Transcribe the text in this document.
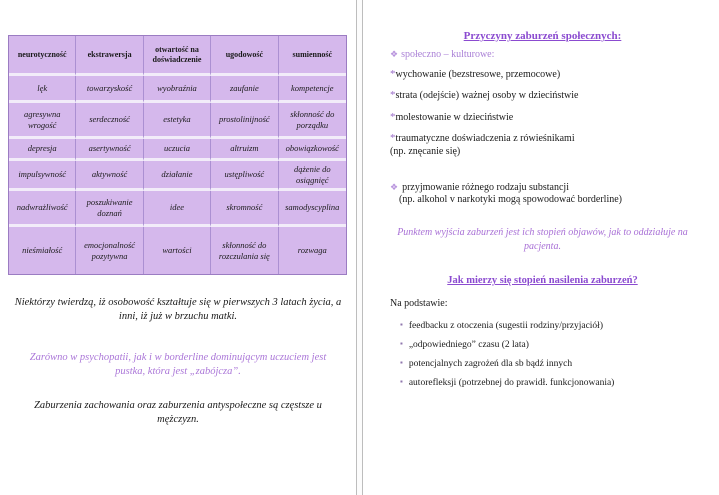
neurotyczność	ekstrawersja	otwartość na doświadczenie	ugodowość	sumienność
lęk	towarzyskość	wyobraźnia	zaufanie	kompetencje
agresywna wrogość	serdeczność	estetyka	prostolinijność	skłonność do porządku
depresja	asertywność	uczucia	altruizm	obowiązkowość
impulsywność	aktywność	działanie	ustępliwość	dążenie do osiągnięć
nadwrażliwość	poszukiwanie doznań	idee	skromność	samodyscyplina
nieśmiałość	emocjonalność pozytywna	wartości	skłonność do rozczulania się	rozwaga

Niektórzy twierdzą, iż osobowość kształtuje się w pierwszych 3 latach życia, a inni, iż już w brzuchu matki.

Zarówno w psychopatii, jak i w borderline dominującym uczuciem jest pustka, która jest „zabójcza”.

Zaburzenia zachowania oraz zaburzenia antyspołeczne są częstsze u mężczyzn.

Przyczyny zaburzeń społecznych:
❖ społeczno – kulturowe:
*wychowanie (bezstresowe, przemocowe)
*strata (odejście) ważnej osoby w dzieciństwie
*molestowanie w dzieciństwie
*traumatyczne doświadczenia z rówieśnikami
(np. znęcanie się)
❖ przyjmowanie różnego rodzaju substancji
(np. alkohol v narkotyki mogą spowodować borderline)

Punktem wyjścia zaburzeń jest ich stopień objawów, jak to oddziałuje na pacjenta.

Jak mierzy się stopień nasilenia zaburzeń?
Na podstawie:
▪ feedbacku z otoczenia (sugestii rodziny/przyjaciół)
▪ „odpowiedniego” czasu (2 lata)
▪ potencjalnych zagrożeń dla sb bądź innych
▪ autorefleksji (potrzebnej do prawidł. funkcjonowania)
